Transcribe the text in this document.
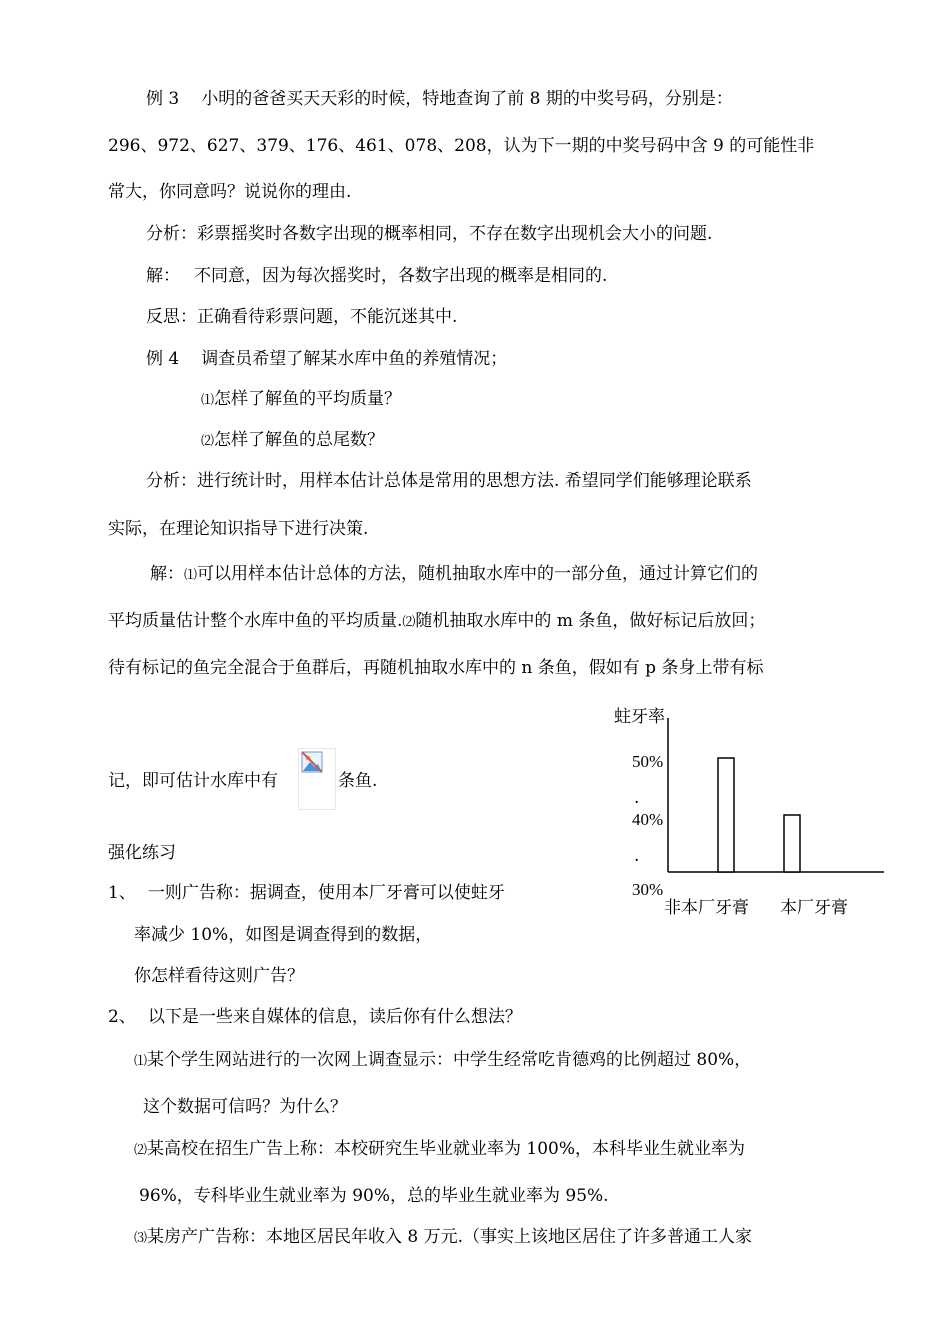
例 3 小明的爸爸买天天彩的时候，特地查询了前 8 期的中奖号码，分别是：
296、972、627、379、176、461、078、208，认为下一期的中奖号码中含 9 的可能性非
常大，你同意吗？说说你的理由.
分析：彩票摇奖时各数字出现的概率相同，不存在数字出现机会大小的问题.
解： 不同意，因为每次摇奖时，各数字出现的概率是相同的.
反思：正确看待彩票问题，不能沉迷其中.
例 4 调查员希望了解某水库中鱼的养殖情况；
⑴怎样了解鱼的平均质量？
⑵怎样了解鱼的总尾数？
分析：进行统计时，用样本估计总体是常用的思想方法. 希望同学们能够理论联系
实际，在理论知识指导下进行决策.
解：⑴可以用样本估计总体的方法，随机抽取水库中的一部分鱼，通过计算它们的
平均质量估计整个水库中鱼的平均质量.⑵随机抽取水库中的 m 条鱼，做好标记后放回；
待有标记的鱼完全混合于鱼群后，再随机抽取水库中的 n 条鱼，假如有 p 条身上带有标
记，即可估计水库中有	条鱼.
蛀牙率
50%
.
40%
.
30%
非本厂牙膏 本厂牙膏
强化练习
1、 一则广告称：据调查，使用本厂牙膏可以使蛀牙
率减少 10%，如图是调查得到的数据，
你怎样看待这则广告？
2、 以下是一些来自媒体的信息，读后你有什么想法？
⑴某个学生网站进行的一次网上调查显示：中学生经常吃肯德鸡的比例超过 80%，
这个数据可信吗？为什么？
⑵某高校在招生广告上称：本校研究生毕业就业率为 100%，本科毕业生就业率为
96%，专科毕业生就业率为 90%，总的毕业生就业率为 95%.
⑶某房产广告称：本地区居民年收入 8 万元.（事实上该地区居住了许多普通工人家
